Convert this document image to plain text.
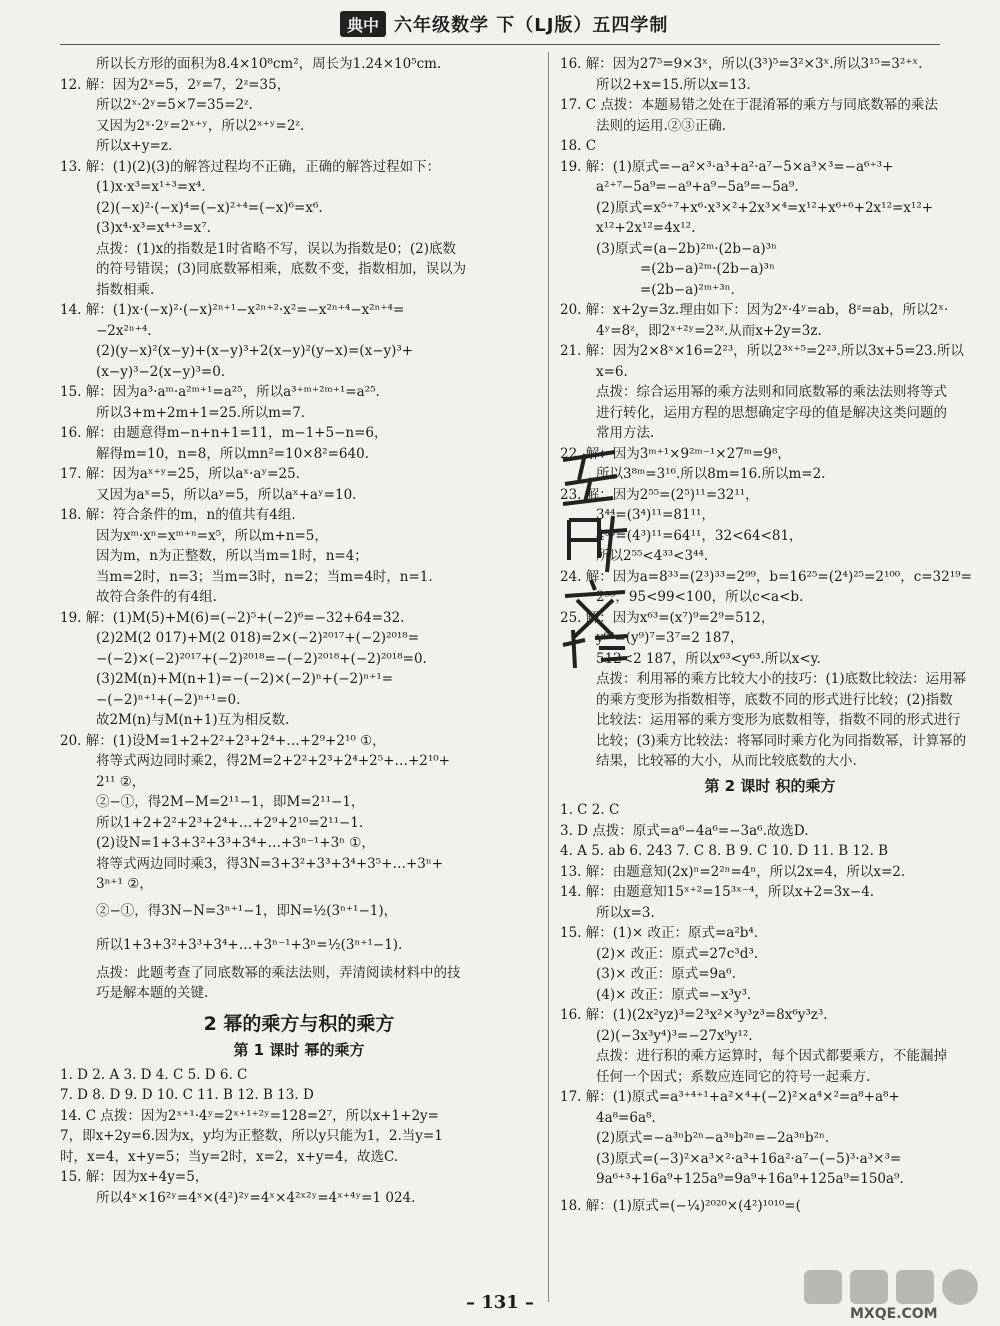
典中 六年级数学 下（LJ版）五四学制
所以长方形的面积为8.4×10⁸cm²，周长为1.24×10⁵cm.
12. 解：因为2ˣ=5，2ʸ=7，2ᶻ=35，
所以2ˣ·2ʸ=5×7=35=2ᶻ.
又因为2ˣ·2ʸ=2ˣ⁺ʸ，所以2ˣ⁺ʸ=2ᶻ.
所以x+y=z.
13. 解：(1)(2)(3)的解答过程均不正确，正确的解答过程如下：
(1)x·x³=x¹⁺³=x⁴.
(2)(−x)²·(−x)⁴=(−x)²⁺⁴=(−x)⁶=x⁶.
(3)x⁴·x³=x⁴⁺³=x⁷.
点拨：(1)x的指数是1时省略不写，误以为指数是0；(2)底数
的符号错误；(3)同底数幂相乘，底数不变，指数相加，误以为
指数相乘.
14. 解：(1)x·(−x)²·(−x)²ⁿ⁺¹−x²ⁿ⁺²·x²=−x²ⁿ⁺⁴−x²ⁿ⁺⁴=
−2x²ⁿ⁺⁴.
(2)(y−x)²(x−y)+(x−y)³+2(x−y)²(y−x)=(x−y)³+
(x−y)³−2(x−y)³=0.
15. 解：因为a³·aᵐ·a²ᵐ⁺¹=a²⁵，所以a³⁺ᵐ⁺²ᵐ⁺¹=a²⁵.
所以3+m+2m+1=25.所以m=7.
16. 解：由题意得m−n+n+1=11，m−1+5−n=6，
解得m=10，n=8，所以mn²=10×8²=640.
17. 解：因为aˣ⁺ʸ=25，所以aˣ·aʸ=25.
又因为aˣ=5，所以aʸ=5，所以aˣ+aʸ=10.
18. 解：符合条件的m，n的值共有4组.
因为xᵐ·xⁿ=xᵐ⁺ⁿ=x⁵，所以m+n=5，
因为m，n为正整数，所以当m=1时，n=4；
当m=2时，n=3；当m=3时，n=2；当m=4时，n=1.
故符合条件的有4组.
19. 解：(1)M(5)+M(6)=(−2)⁵+(−2)⁶=−32+64=32.
(2)2M(2 017)+M(2 018)=2×(−2)²⁰¹⁷+(−2)²⁰¹⁸=
−(−2)×(−2)²⁰¹⁷+(−2)²⁰¹⁸=−(−2)²⁰¹⁸+(−2)²⁰¹⁸=0.
(3)2M(n)+M(n+1)=−(−2)×(−2)ⁿ+(−2)ⁿ⁺¹=
−(−2)ⁿ⁺¹+(−2)ⁿ⁺¹=0.
故2M(n)与M(n+1)互为相反数.
20. 解：(1)设M=1+2+2²+2³+2⁴+…+2⁹+2¹⁰ ①，
将等式两边同时乘2，得2M=2+2²+2³+2⁴+2⁵+…+2¹⁰+
2¹¹ ②，
②−①，得2M−M=2¹¹−1，即M=2¹¹−1，
所以1+2+2²+2³+2⁴+…+2⁹+2¹⁰=2¹¹−1.
(2)设N=1+3+3²+3³+3⁴+…+3ⁿ⁻¹+3ⁿ ①，
将等式两边同时乘3，得3N=3+3²+3³+3⁴+3⁵+…+3ⁿ+
3ⁿ⁺¹ ②，
②−①，得3N−N=3ⁿ⁺¹−1，即N=½(3ⁿ⁺¹−1)，
所以1+3+3²+3³+3⁴+…+3ⁿ⁻¹+3ⁿ=½(3ⁿ⁺¹−1).
点拨：此题考查了同底数幂的乘法法则，弄清阅读材料中的技
巧是解本题的关键.
2 幂的乘方与积的乘方
第 1 课时 幂的乘方
1. D 2. A 3. D 4. C 5. D 6. C
7. D 8. D 9. D 10. C 11. B 12. B 13. D
14. C 点拨：因为2ˣ⁺¹·4ʸ=2ˣ⁺¹⁺²ʸ=128=2⁷，所以x+1+2y=
7，即x+2y=6.因为x，y均为正整数，所以y只能为1，2.当y=1
时，x=4，x+y=5；当y=2时，x=2，x+y=4，故选C.
15. 解：因为x+4y=5，
所以4ˣ×16²ʸ=4ˣ×(4²)²ʸ=4ˣ×4²ˣ²ʸ=4ˣ⁺⁴ʸ=1 024.
16. 解：因为27⁵=9×3ˣ，所以(3³)⁵=3²×3ˣ.所以3¹⁵=3²⁺ˣ.
所以2+x=15.所以x=13.
17. C 点拨：本题易错之处在于混淆幂的乘方与同底数幂的乘法
法则的运用.②③正确.
18. C
19. 解：(1)原式=−a²×³·a³+a²·a⁷−5×a³×³=−a⁶⁺³+
a²⁺⁷−5a⁹=−a⁹+a⁹−5a⁹=−5a⁹.
(2)原式=x⁵⁺⁷+x⁶·x³×²+2x³×⁴=x¹²+x⁶⁺⁶+2x¹²=x¹²+
x¹²+2x¹²=4x¹².
(3)原式=(a−2b)²ᵐ·(2b−a)³ⁿ
=(2b−a)²ᵐ·(2b−a)³ⁿ
=(2b−a)²ᵐ⁺³ⁿ.
20. 解：x+2y=3z.理由如下：因为2ˣ·4ʸ=ab，8ᶻ=ab，所以2ˣ·
4ʸ=8ᶻ，即2ˣ⁺²ʸ=2³ᶻ.从而x+2y=3z.
21. 解：因为2×8ˣ×16=2²³，所以2³ˣ⁺⁵=2²³.所以3x+5=23.所以
x=6.
点拨：综合运用幂的乘方法则和同底数幂的乘法法则将等式
进行转化，运用方程的思想确定字母的值是解决这类问题的
常用方法.
22. 解：因为3ᵐ⁺¹×9²ᵐ⁻¹×27ᵐ=9⁸，
所以3⁸ᵐ=3¹⁶.所以8m=16.所以m=2.
23. 解：因为2⁵⁵=(2⁵)¹¹=32¹¹，
3⁴⁴=(3⁴)¹¹=81¹¹，
4³³=(4³)¹¹=64¹¹，32<64<81，
所以2⁵⁵<4³³<3⁴⁴.
24. 解：因为a=8³³=(2³)³³=2⁹⁹，b=16²⁵=(2⁴)²⁵=2¹⁰⁰，c=32¹⁹=
2⁹⁵，95<99<100，所以c<a<b.
25. 解：因为x⁶³=(x⁷)⁹=2⁹=512，
y⁶³=(y⁹)⁷=3⁷=2 187，
512<2 187，所以x⁶³<y⁶³.所以x<y.
点拨：利用幂的乘方比较大小的技巧：(1)底数比较法：运用幂
的乘方变形为指数相等，底数不同的形式进行比较；(2)指数
比较法：运用幂的乘方变形为底数相等，指数不同的形式进行
比较；(3)乘方比较法：将幂同时乘方化为同指数幂，计算幂的
结果，比较幂的大小，从而比较底数的大小.
第 2 课时 积的乘方
1. C 2. C
3. D 点拨：原式=a⁶−4a⁶=−3a⁶.故选D.
4. A 5. ab 6. 243 7. C 8. B 9. C 10. D 11. B 12. B
13. 解：由题意知(2x)ⁿ=2²ⁿ=4ⁿ，所以2x=4，所以x=2.
14. 解：由题意知15ˣ⁺²=15³ˣ⁻⁴，所以x+2=3x−4.
所以x=3.
15. 解：(1)× 改正：原式=a²b⁴.
(2)× 改正：原式=27c³d³.
(3)× 改正：原式=9a⁶.
(4)× 改正：原式=−x³y³.
16. 解：(1)(2x²yz)³=2³x²×³y³z³=8x⁶y³z³.
(2)(−3x³y⁴)³=−27x⁹y¹².
点拨：进行积的乘方运算时，每个因式都要乘方，不能漏掉
任何一个因式；系数应连同它的符号一起乘方.
17. 解：(1)原式=a³⁺⁴⁺¹+a²×⁴+(−2)²×a⁴×²=a⁸+a⁸+
4a⁸=6a⁸.
(2)原式=−a³ⁿb²ⁿ−a³ⁿb²ⁿ=−2a³ⁿb²ⁿ.
(3)原式=(−3)²×a³×²·a³+16a²·a⁷−(−5)³·a³×³=
9a⁶⁺³+16a⁹+125a⁹=9a⁹+16a⁹+125a⁹=150a⁹.
18. 解：(1)原式=(−¼)²⁰²⁰×(4²)¹⁰¹⁰=(
MXQE.COM
– 131 –
